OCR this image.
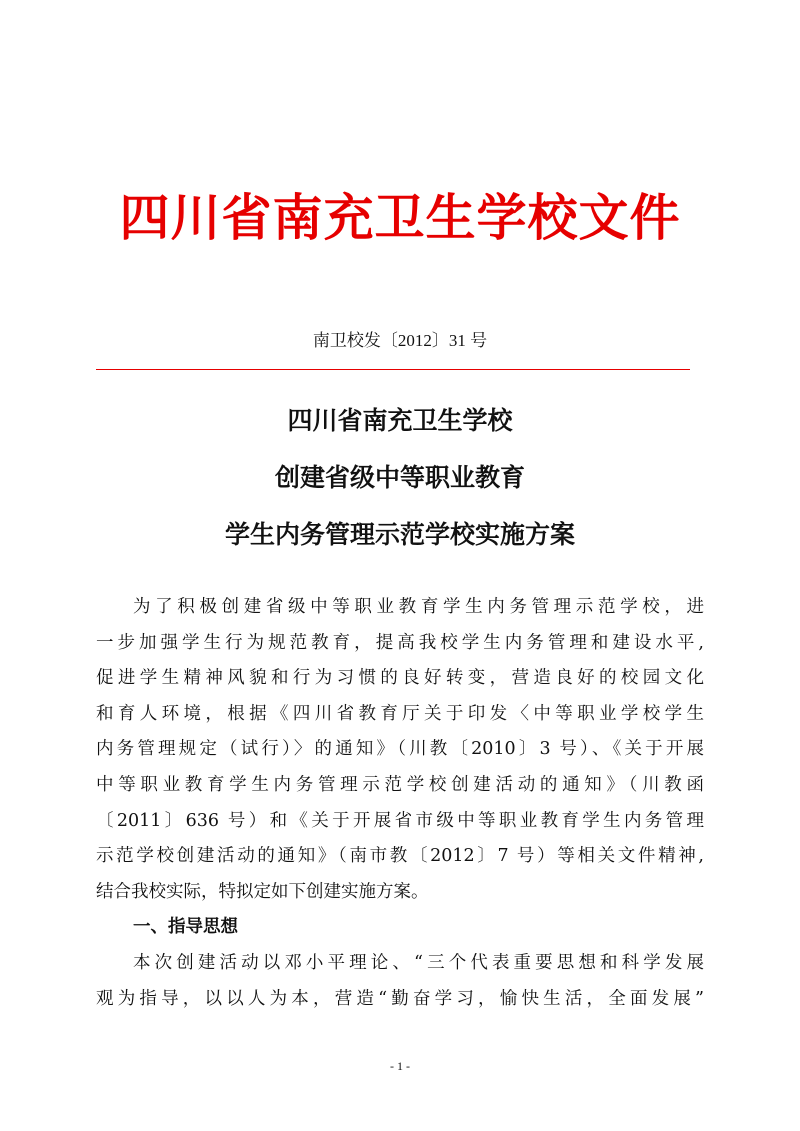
四川省南充卫生学校文件
南卫校发〔2012〕31 号
四川省南充卫生学校
创建省级中等职业教育
学生内务管理示范学校实施方案
为了积极创建省级中等职业教育学生内务管理示范学校，进
一步加强学生行为规范教育，提高我校学生内务管理和建设水平,
促进学生精神风貌和行为习惯的良好转变，营造良好的校园文化
和育人环境，根据《四川省教育厅关于印发〈中等职业学校学生
内务管理规定（试行）〉的通知》（川教〔2010〕3 号）、《关于开展
中等职业教育学生内务管理示范学校创建活动的通知》（川教函
〔2011〕636 号）和《关于开展省市级中等职业教育学生内务管理
示范学校创建活动的通知》（南市教〔2012〕7 号）等相关文件精神,
结合我校实际，特拟定如下创建实施方案。
一、指导思想
本次创建活动以邓小平理论、“三个代表重要思想和科学发展
观为指导，以以人为本，营造“勤奋学习，愉快生活，全面发展”
- 1 -
